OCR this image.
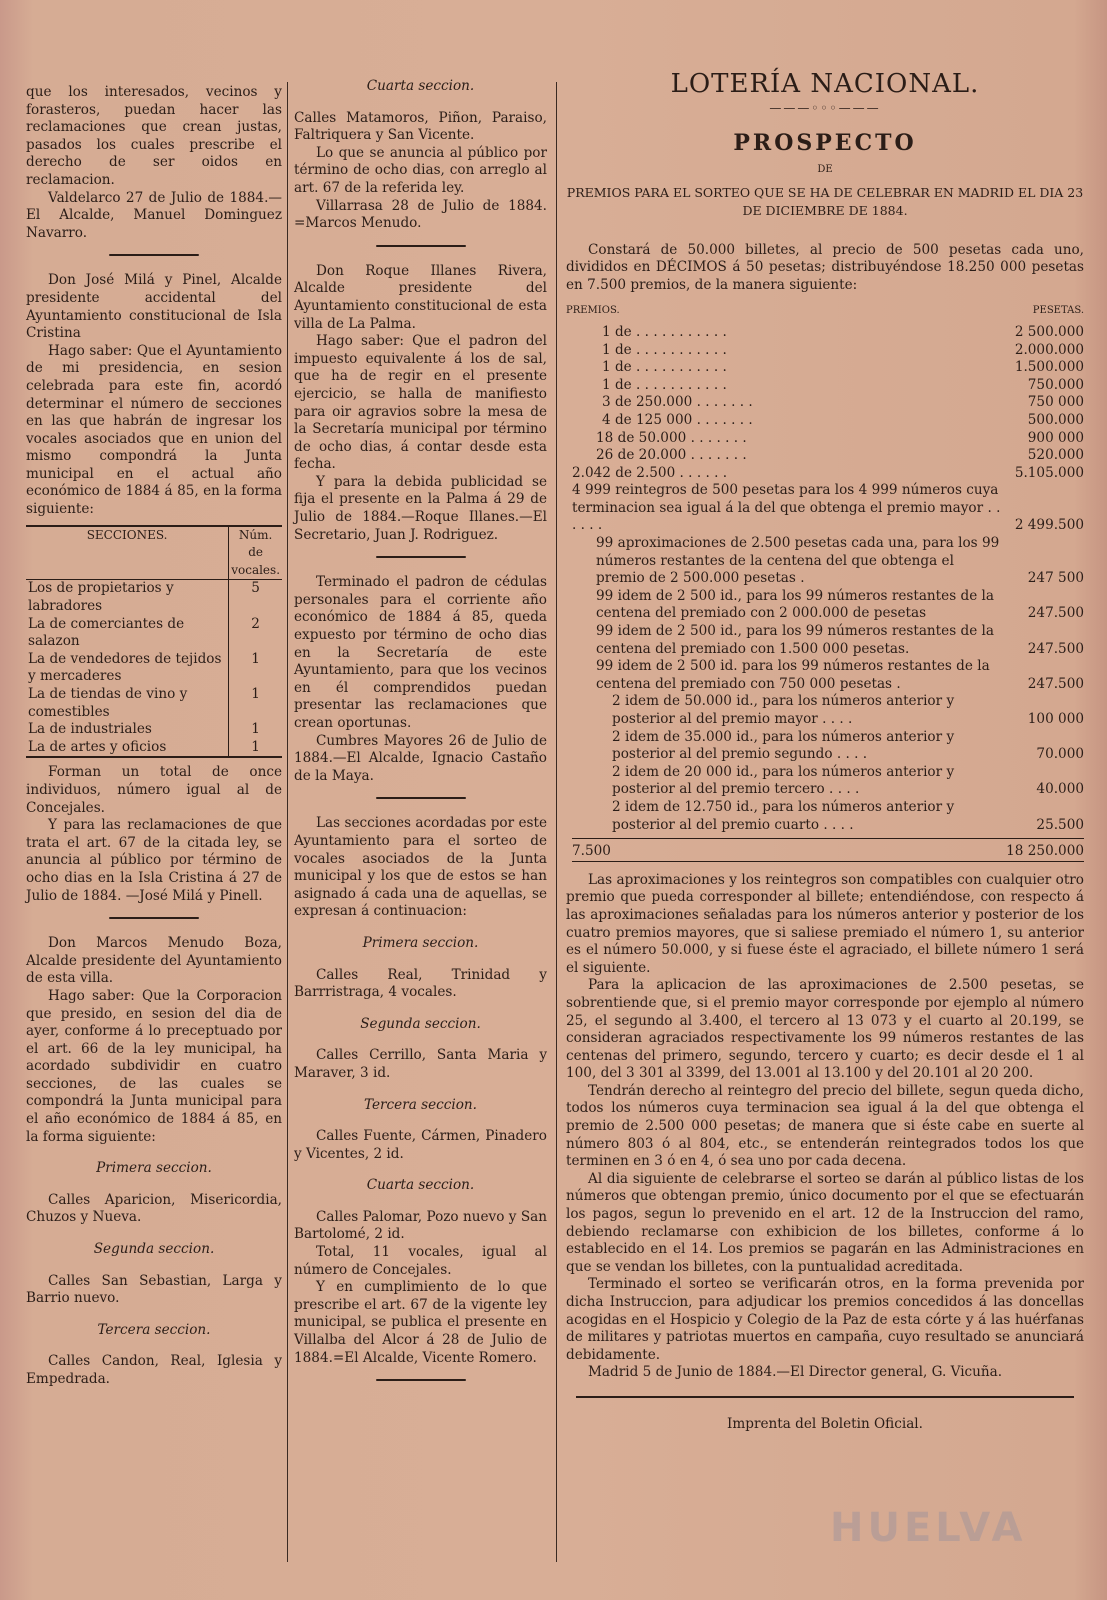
que los interesados, vecinos y forasteros, puedan hacer las reclamaciones que crean justas, pasados los cuales prescribe el derecho de ser oidos en reclamacion.

Valdelarco 27 de Julio de 1884.—El Alcalde, Manuel Dominguez Navarro.

Don José Milá y Pinel, Alcalde presidente accidental del Ayuntamiento constitucional de Isla Cristina

Hago saber: Que el Ayuntamiento de mi presidencia, en sesion celebrada para este fin, acordó determinar el número de secciones en las que habrán de ingresar los vocales asociados que en union del mismo compondrá la Junta municipal en el actual año económico de 1884 á 85, en la forma siguiente:

SECCIONES.	Núm. de vocales.
Los de propietarios y labradores	5
La de comerciantes de salazon	2
La de vendedores de tejidos y mercaderes	1
La de tiendas de vino y comestibles	1
La de industriales	1
La de artes y oficios	1

Forman un total de once individuos, número igual al de Concejales.

Y para las reclamaciones de que trata el art. 67 de la citada ley, se anuncia al público por término de ocho dias en la Isla Cristina á 27 de Julio de 1884. —José Milá y Pinell.

Don Marcos Menudo Boza, Alcalde presidente del Ayuntamiento de esta villa.

Hago saber: Que la Corporacion que presido, en sesion del dia de ayer, conforme á lo preceptuado por el art. 66 de la ley municipal, ha acordado subdividir en cuatro secciones, de las cuales se compondrá la Junta municipal para el año económico de 1884 á 85, en la forma siguiente:

Primera seccion.

Calles Aparicion, Misericordia, Chuzos y Nueva.

Segunda seccion.

Calles San Sebastian, Larga y Barrio nuevo.

Tercera seccion.

Calles Candon, Real, Iglesia y Empedrada.

Cuarta seccion.

Calles Matamoros, Piñon, Paraiso, Faltriquera y San Vicente.

Lo que se anuncia al público por término de ocho dias, con arreglo al art. 67 de la referida ley.

Villarrasa 28 de Julio de 1884. =Marcos Menudo.

Don Roque Illanes Rivera, Alcalde presidente del Ayuntamiento constitucional de esta villa de La Palma.

Hago saber: Que el padron del impuesto equivalente á los de sal, que ha de regir en el presente ejercicio, se halla de manifiesto para oir agravios sobre la mesa de la Secretaría municipal por término de ocho dias, á contar desde esta fecha.

Y para la debida publicidad se fija el presente en la Palma á 29 de Julio de 1884.—Roque Illanes.—El Secretario, Juan J. Rodriguez.

Terminado el padron de cédulas personales para el corriente año económico de 1884 á 85, queda expuesto por término de ocho dias en la Secretaría de este Ayuntamiento, para que los vecinos en él comprendidos puedan presentar las reclamaciones que crean oportunas.

Cumbres Mayores 26 de Julio de 1884.—El Alcalde, Ignacio Castaño de la Maya.

Las secciones acordadas por este Ayuntamiento para el sorteo de vocales asociados de la Junta municipal y los que de estos se han asignado á cada una de aquellas, se expresan á continuacion:

Primera seccion.

Calles Real, Trinidad y Barrristraga, 4 vocales.

Segunda seccion.

Calles Cerrillo, Santa Maria y Maraver, 3 id.

Tercera seccion.

Calles Fuente, Cármen, Pinadero y Vicentes, 2 id.

Cuarta seccion.

Calles Palomar, Pozo nuevo y San Bartolomé, 2 id.

Total, 11 vocales, igual al número de Concejales.

Y en cumplimiento de lo que prescribe el art. 67 de la vigente ley municipal, se publica el presente en Villalba del Alcor á 28 de Julio de 1884.=El Alcalde, Vicente Romero.

LOTERÍA NACIONAL.
———◦◦◦———
PROSPECTO
DE

PREMIOS PARA EL SORTEO QUE SE HA DE CELEBRAR EN MADRID EL DIA 23 DE DICIEMBRE DE 1884.

Constará de 50.000 billetes, al precio de 500 pesetas cada uno, divididos en DÉCIMOS á 50 pesetas; distribuyéndose 18.250 000 pesetas en 7.500 premios, de la manera siguiente:

PREMIOS.	PESETAS.
1 de . . . . . . . . . . .	2 500.000
1 de . . . . . . . . . . .	2.000.000
1 de . . . . . . . . . . .	1.500.000
1 de . . . . . . . . . . .	750.000
3 de 250.000 . . . . . . .	750 000
4 de 125 000 . . . . . . .	500.000
18 de 50.000 . . . . . . .	900 000
26 de 20.000 . . . . . . .	520.000
2.042 de 2.500 . . . . . .	5.105.000
4 999 reintegros de 500 pesetas para los 4 999 números cuya terminacion sea igual á la del que obtenga el premio mayor . . . . . .	2 499.500
99 aproximaciones de 2.500 pesetas cada una, para los 99 números restantes de la centena del que obtenga el premio de 2 500.000 pesetas .	247 500
99 idem de 2 500 id., para los 99 números restantes de la centena del premiado con 2 000.000 de pesetas	247.500
99 idem de 2 500 id., para los 99 números restantes de la centena del premiado con 1.500 000 pesetas.	247.500
99 idem de 2 500 id. para los 99 números restantes de la centena del premiado con 750 000 pesetas .	247.500
2 idem de 50.000 id., para los números anterior y posterior al del premio mayor . . . .	100 000
2 idem de 35.000 id., para los números anterior y posterior al del premio segundo . . . .	70.000
2 idem de 20 000 id., para los números anterior y posterior al del premio tercero . . . .	40.000
2 idem de 12.750 id., para los números anterior y posterior al del premio cuarto . . . .	25.500
7.500	18 250.000

Las aproximaciones y los reintegros son compatibles con cualquier otro premio que pueda corresponder al billete; entendiéndose, con respecto á las aproximaciones señaladas para los números anterior y posterior de los cuatro premios mayores, que si saliese premiado el número 1, su anterior es el número 50.000, y si fuese éste el agraciado, el billete número 1 será el siguiente.

Para la aplicacion de las aproximaciones de 2.500 pesetas, se sobrentiende que, si el premio mayor corresponde por ejemplo al número 25, el segundo al 3.400, el tercero al 13 073 y el cuarto al 20.199, se consideran agraciados respectivamente los 99 números restantes de las centenas del primero, segundo, tercero y cuarto; es decir desde el 1 al 100, del 3 301 al 3399, del 13.001 al 13.100 y del 20.101 al 20 200.

Tendrán derecho al reintegro del precio del billete, segun queda dicho, todos los números cuya terminacion sea igual á la del que obtenga el premio de 2.500 000 pesetas; de manera que si éste cabe en suerte al número 803 ó al 804, etc., se entenderán reintegrados todos los que terminen en 3 ó en 4, ó sea uno por cada decena.

Al dia siguiente de celebrarse el sorteo se darán al público listas de los números que obtengan premio, único documento por el que se efectuarán los pagos, segun lo prevenido en el art. 12 de la Instruccion del ramo, debiendo reclamarse con exhibicion de los billetes, conforme á lo establecido en el 14. Los premios se pagarán en las Administraciones en que se vendan los billetes, con la puntualidad acreditada.

Terminado el sorteo se verificarán otros, en la forma prevenida por dicha Instruccion, para adjudicar los premios concedidos á las doncellas acogidas en el Hospicio y Colegio de la Paz de esta córte y á las huérfanas de militares y patriotas muertos en campaña, cuyo resultado se anunciará debidamente.

Madrid 5 de Junio de 1884.—El Director general, G. Vicuña.

Imprenta del Boletin Oficial.

HUELVA
